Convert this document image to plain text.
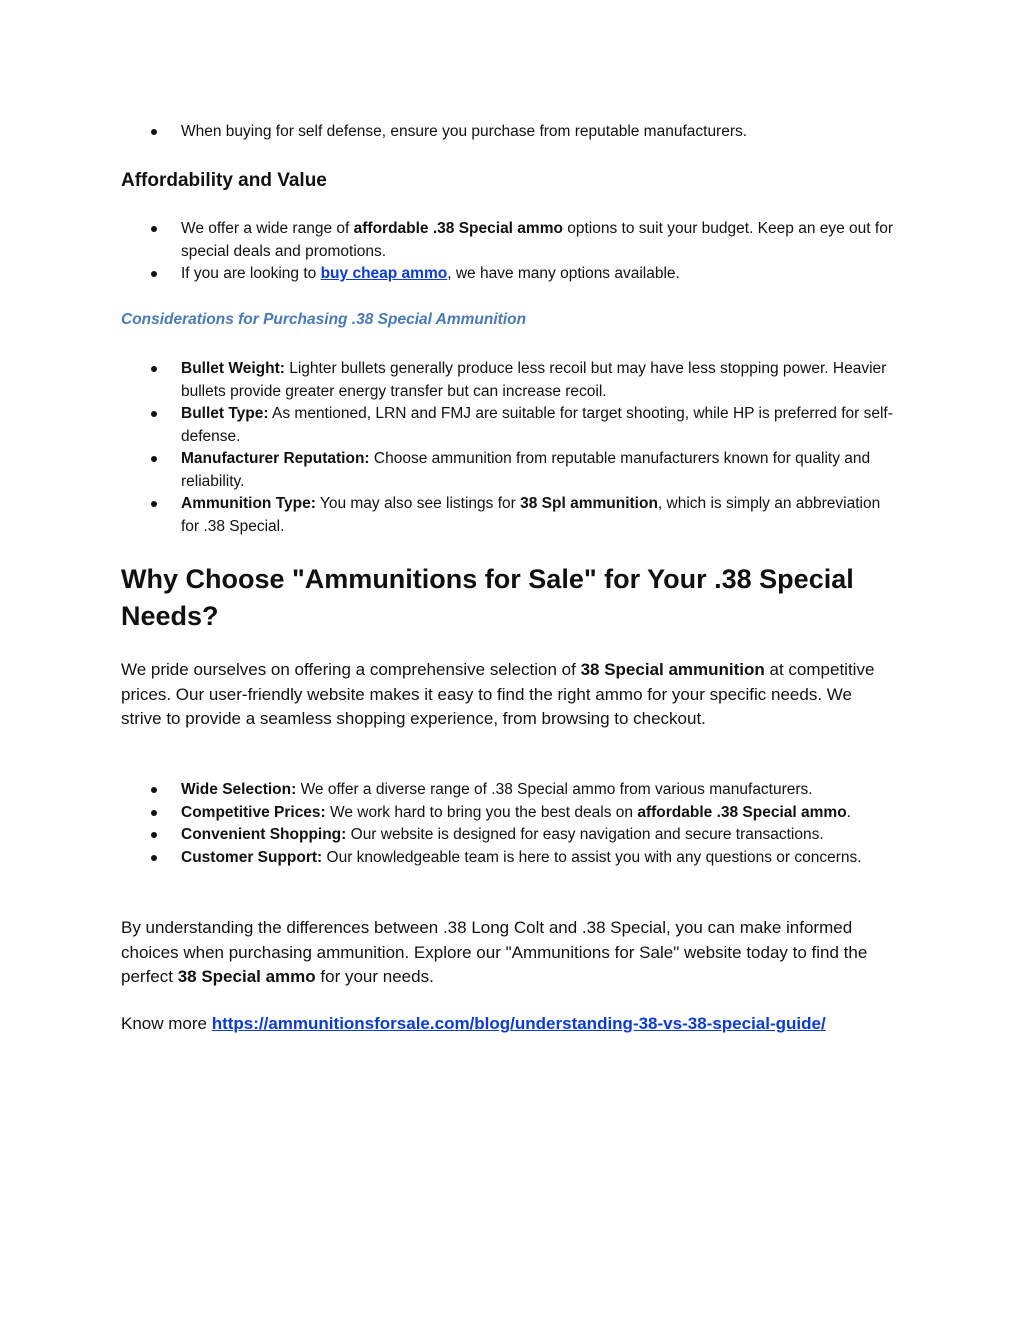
When buying for self defense, ensure you purchase from reputable manufacturers.
Affordability and Value
We offer a wide range of affordable .38 Special ammo options to suit your budget. Keep an eye out for special deals and promotions.
If you are looking to buy cheap ammo, we have many options available.
Considerations for Purchasing .38 Special Ammunition
Bullet Weight: Lighter bullets generally produce less recoil but may have less stopping power. Heavier bullets provide greater energy transfer but can increase recoil.
Bullet Type: As mentioned, LRN and FMJ are suitable for target shooting, while HP is preferred for self-defense.
Manufacturer Reputation: Choose ammunition from reputable manufacturers known for quality and reliability.
Ammunition Type: You may also see listings for 38 Spl ammunition, which is simply an abbreviation for .38 Special.
Why Choose "Ammunitions for Sale" for Your .38 Special Needs?

We pride ourselves on offering a comprehensive selection of 38 Special ammunition at competitive prices. Our user-friendly website makes it easy to find the right ammo for your specific needs. We strive to provide a seamless shopping experience, from browsing to checkout.

Wide Selection: We offer a diverse range of .38 Special ammo from various manufacturers.
Competitive Prices: We work hard to bring you the best deals on affordable .38 Special ammo.
Convenient Shopping: Our website is designed for easy navigation and secure transactions.
Customer Support: Our knowledgeable team is here to assist you with any questions or concerns.

By understanding the differences between .38 Long Colt and .38 Special, you can make informed choices when purchasing ammunition. Explore our "Ammunitions for Sale" website today to find the perfect 38 Special ammo for your needs.

Know more https://ammunitionsforsale.com/blog/understanding-38-vs-38-special-guide/
